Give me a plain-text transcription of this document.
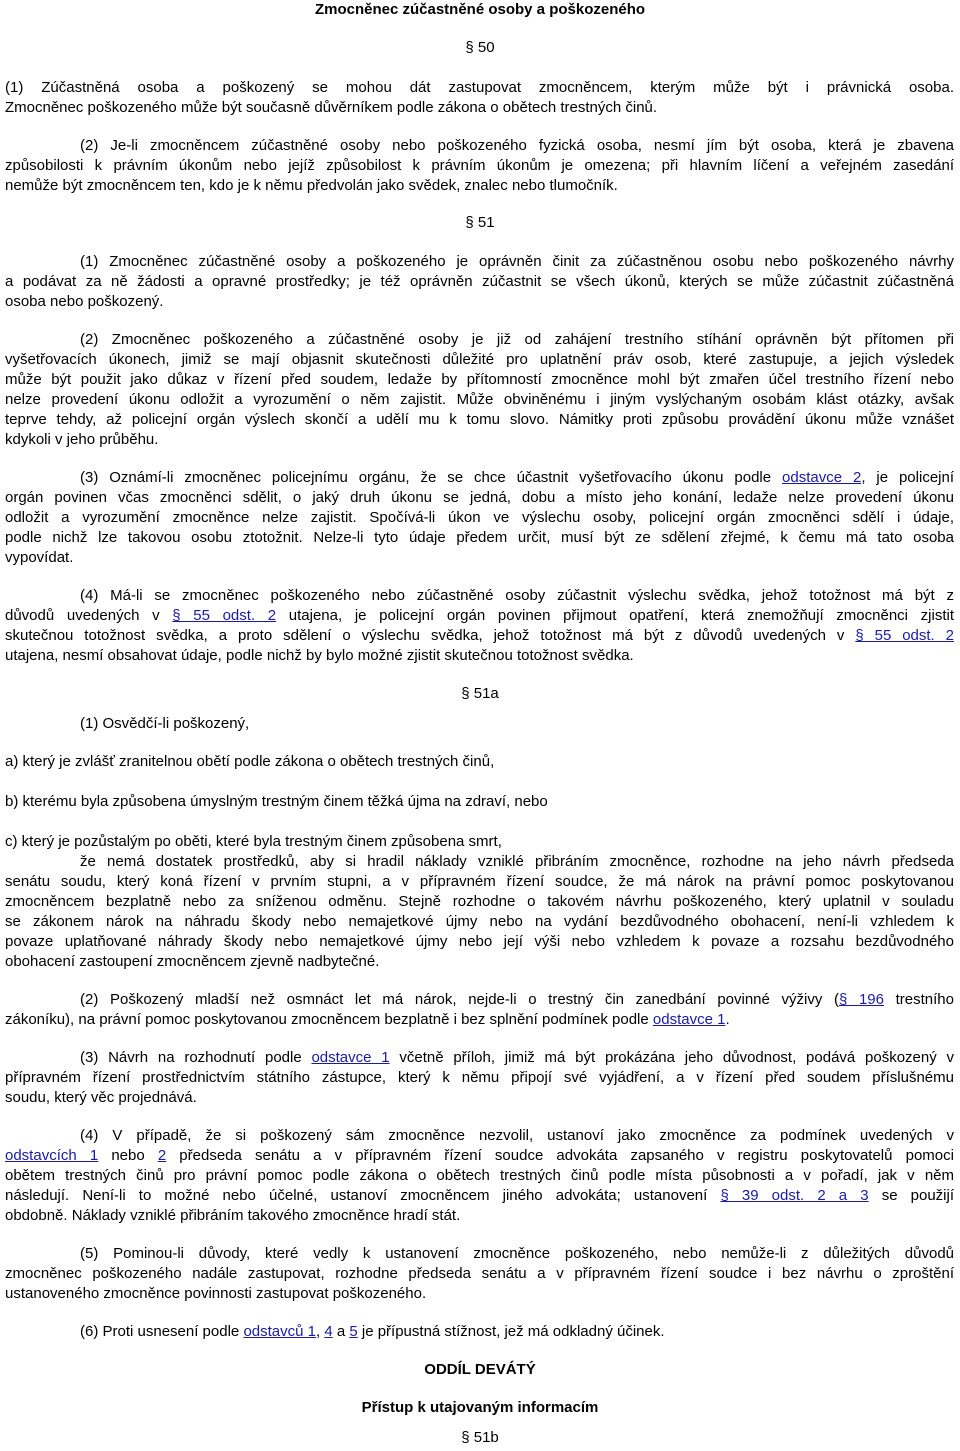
Zmocněnec zúčastněné osoby a poškozeného
§ 50
(1) Zúčastněná osoba a poškozený se mohou dát zastupovat zmocněncem, kterým může být i právnická osoba.
Zmocněnec poškozeného může být současně důvěrníkem podle zákona o obětech trestných činů.
(2) Je-li zmocněncem zúčastněné osoby nebo poškozeného fyzická osoba, nesmí jím být osoba, která je zbavena
způsobilosti k právním úkonům nebo jejíž způsobilost k právním úkonům je omezena; při hlavním líčení a veřejném zasedání
nemůže být zmocněncem ten, kdo je k němu předvolán jako svědek, znalec nebo tlumočník.
§ 51
(1) Zmocněnec zúčastněné osoby a poškozeného je oprávněn činit za zúčastněnou osobu nebo poškozeného návrhy
a podávat za ně žádosti a opravné prostředky; je též oprávněn zúčastnit se všech úkonů, kterých se může zúčastnit zúčastněná
osoba nebo poškozený.
(2) Zmocněnec poškozeného a zúčastněné osoby je již od zahájení trestního stíhání oprávněn být přítomen při
vyšetřovacích úkonech, jimiž se mají objasnit skutečnosti důležité pro uplatnění práv osob, které zastupuje, a jejich výsledek
může být použit jako důkaz v řízení před soudem, ledaže by přítomností zmocněnce mohl být zmařen účel trestního řízení nebo
nelze provedení úkonu odložit a vyrozumění o něm zajistit. Může obviněnému i jiným vyslýchaným osobám klást otázky, avšak
teprve tehdy, až policejní orgán výslech skončí a udělí mu k tomu slovo. Námitky proti způsobu provádění úkonu může vznášet
kdykoli v jeho průběhu.
(3) Oznámí-li zmocněnec policejnímu orgánu, že se chce účastnit vyšetřovacího úkonu podle odstavce 2, je policejní
orgán povinen včas zmocněnci sdělit, o jaký druh úkonu se jedná, dobu a místo jeho konání, ledaže nelze provedení úkonu
odložit a vyrozumění zmocněnce nelze zajistit. Spočívá-li úkon ve výslechu osoby, policejní orgán zmocněnci sdělí i údaje,
podle nichž lze takovou osobu ztotožnit. Nelze-li tyto údaje předem určit, musí být ze sdělení zřejmé, k čemu má tato osoba
vypovídat.
(4) Má-li se zmocněnec poškozeného nebo zúčastněné osoby zúčastnit výslechu svědka, jehož totožnost má být z
důvodů uvedených v § 55 odst. 2 utajena, je policejní orgán povinen přijmout opatření, která znemožňují zmocněnci zjistit
skutečnou totožnost svědka, a proto sdělení o výslechu svědka, jehož totožnost má být z důvodů uvedených v § 55 odst. 2
utajena, nesmí obsahovat údaje, podle nichž by bylo možné zjistit skutečnou totožnost svědka.
§ 51a
(1) Osvědčí-li poškozený,
a) který je zvlášť zranitelnou obětí podle zákona o obětech trestných činů,
b) kterému byla způsobena úmyslným trestným činem těžká újma na zdraví, nebo
c) který je pozůstalým po oběti, které byla trestným činem způsobena smrt,
že nemá dostatek prostředků, aby si hradil náklady vzniklé přibráním zmocněnce, rozhodne na jeho návrh předseda
senátu soudu, který koná řízení v prvním stupni, a v přípravném řízení soudce, že má nárok na právní pomoc poskytovanou
zmocněncem bezplatně nebo za sníženou odměnu. Stejně rozhodne o takovém návrhu poškozeného, který uplatnil v souladu
se zákonem nárok na náhradu škody nebo nemajetkové újmy nebo na vydání bezdůvodného obohacení, není-li vzhledem k
povaze uplatňované náhrady škody nebo nemajetkové újmy nebo její výši nebo vzhledem k povaze a rozsahu bezdůvodného
obohacení zastoupení zmocněncem zjevně nadbytečné.
(2) Poškozený mladší než osmnáct let má nárok, nejde-li o trestný čin zanedbání povinné výživy (§ 196 trestního
zákoníku), na právní pomoc poskytovanou zmocněncem bezplatně i bez splnění podmínek podle odstavce 1.
(3) Návrh na rozhodnutí podle odstavce 1 včetně příloh, jimiž má být prokázána jeho důvodnost, podává poškozený v
přípravném řízení prostřednictvím státního zástupce, který k němu připojí své vyjádření, a v řízení před soudem příslušnému
soudu, který věc projednává.
(4) V případě, že si poškozený sám zmocněnce nezvolil, ustanoví jako zmocněnce za podmínek uvedených v
odstavcích 1 nebo 2 předseda senátu a v přípravném řízení soudce advokáta zapsaného v registru poskytovatelů pomoci
obětem trestných činů pro právní pomoc podle zákona o obětech trestných činů podle místa působnosti a v pořadí, jak v něm
následují. Není-li to možné nebo účelné, ustanoví zmocněncem jiného advokáta; ustanovení § 39 odst. 2 a 3 se použijí
obdobně. Náklady vzniklé přibráním takového zmocněnce hradí stát.
(5) Pominou-li důvody, které vedly k ustanovení zmocněnce poškozeného, nebo nemůže-li z důležitých důvodů
zmocněnec poškozeného nadále zastupovat, rozhodne předseda senátu a v přípravném řízení soudce i bez návrhu o zproštění
ustanoveného zmocněnce povinnosti zastupovat poškozeného.
(6) Proti usnesení podle odstavců 1, 4 a 5 je přípustná stížnost, jež má odkladný účinek.
ODDÍL DEVÁTÝ
Přístup k utajovaným informacím
§ 51b
